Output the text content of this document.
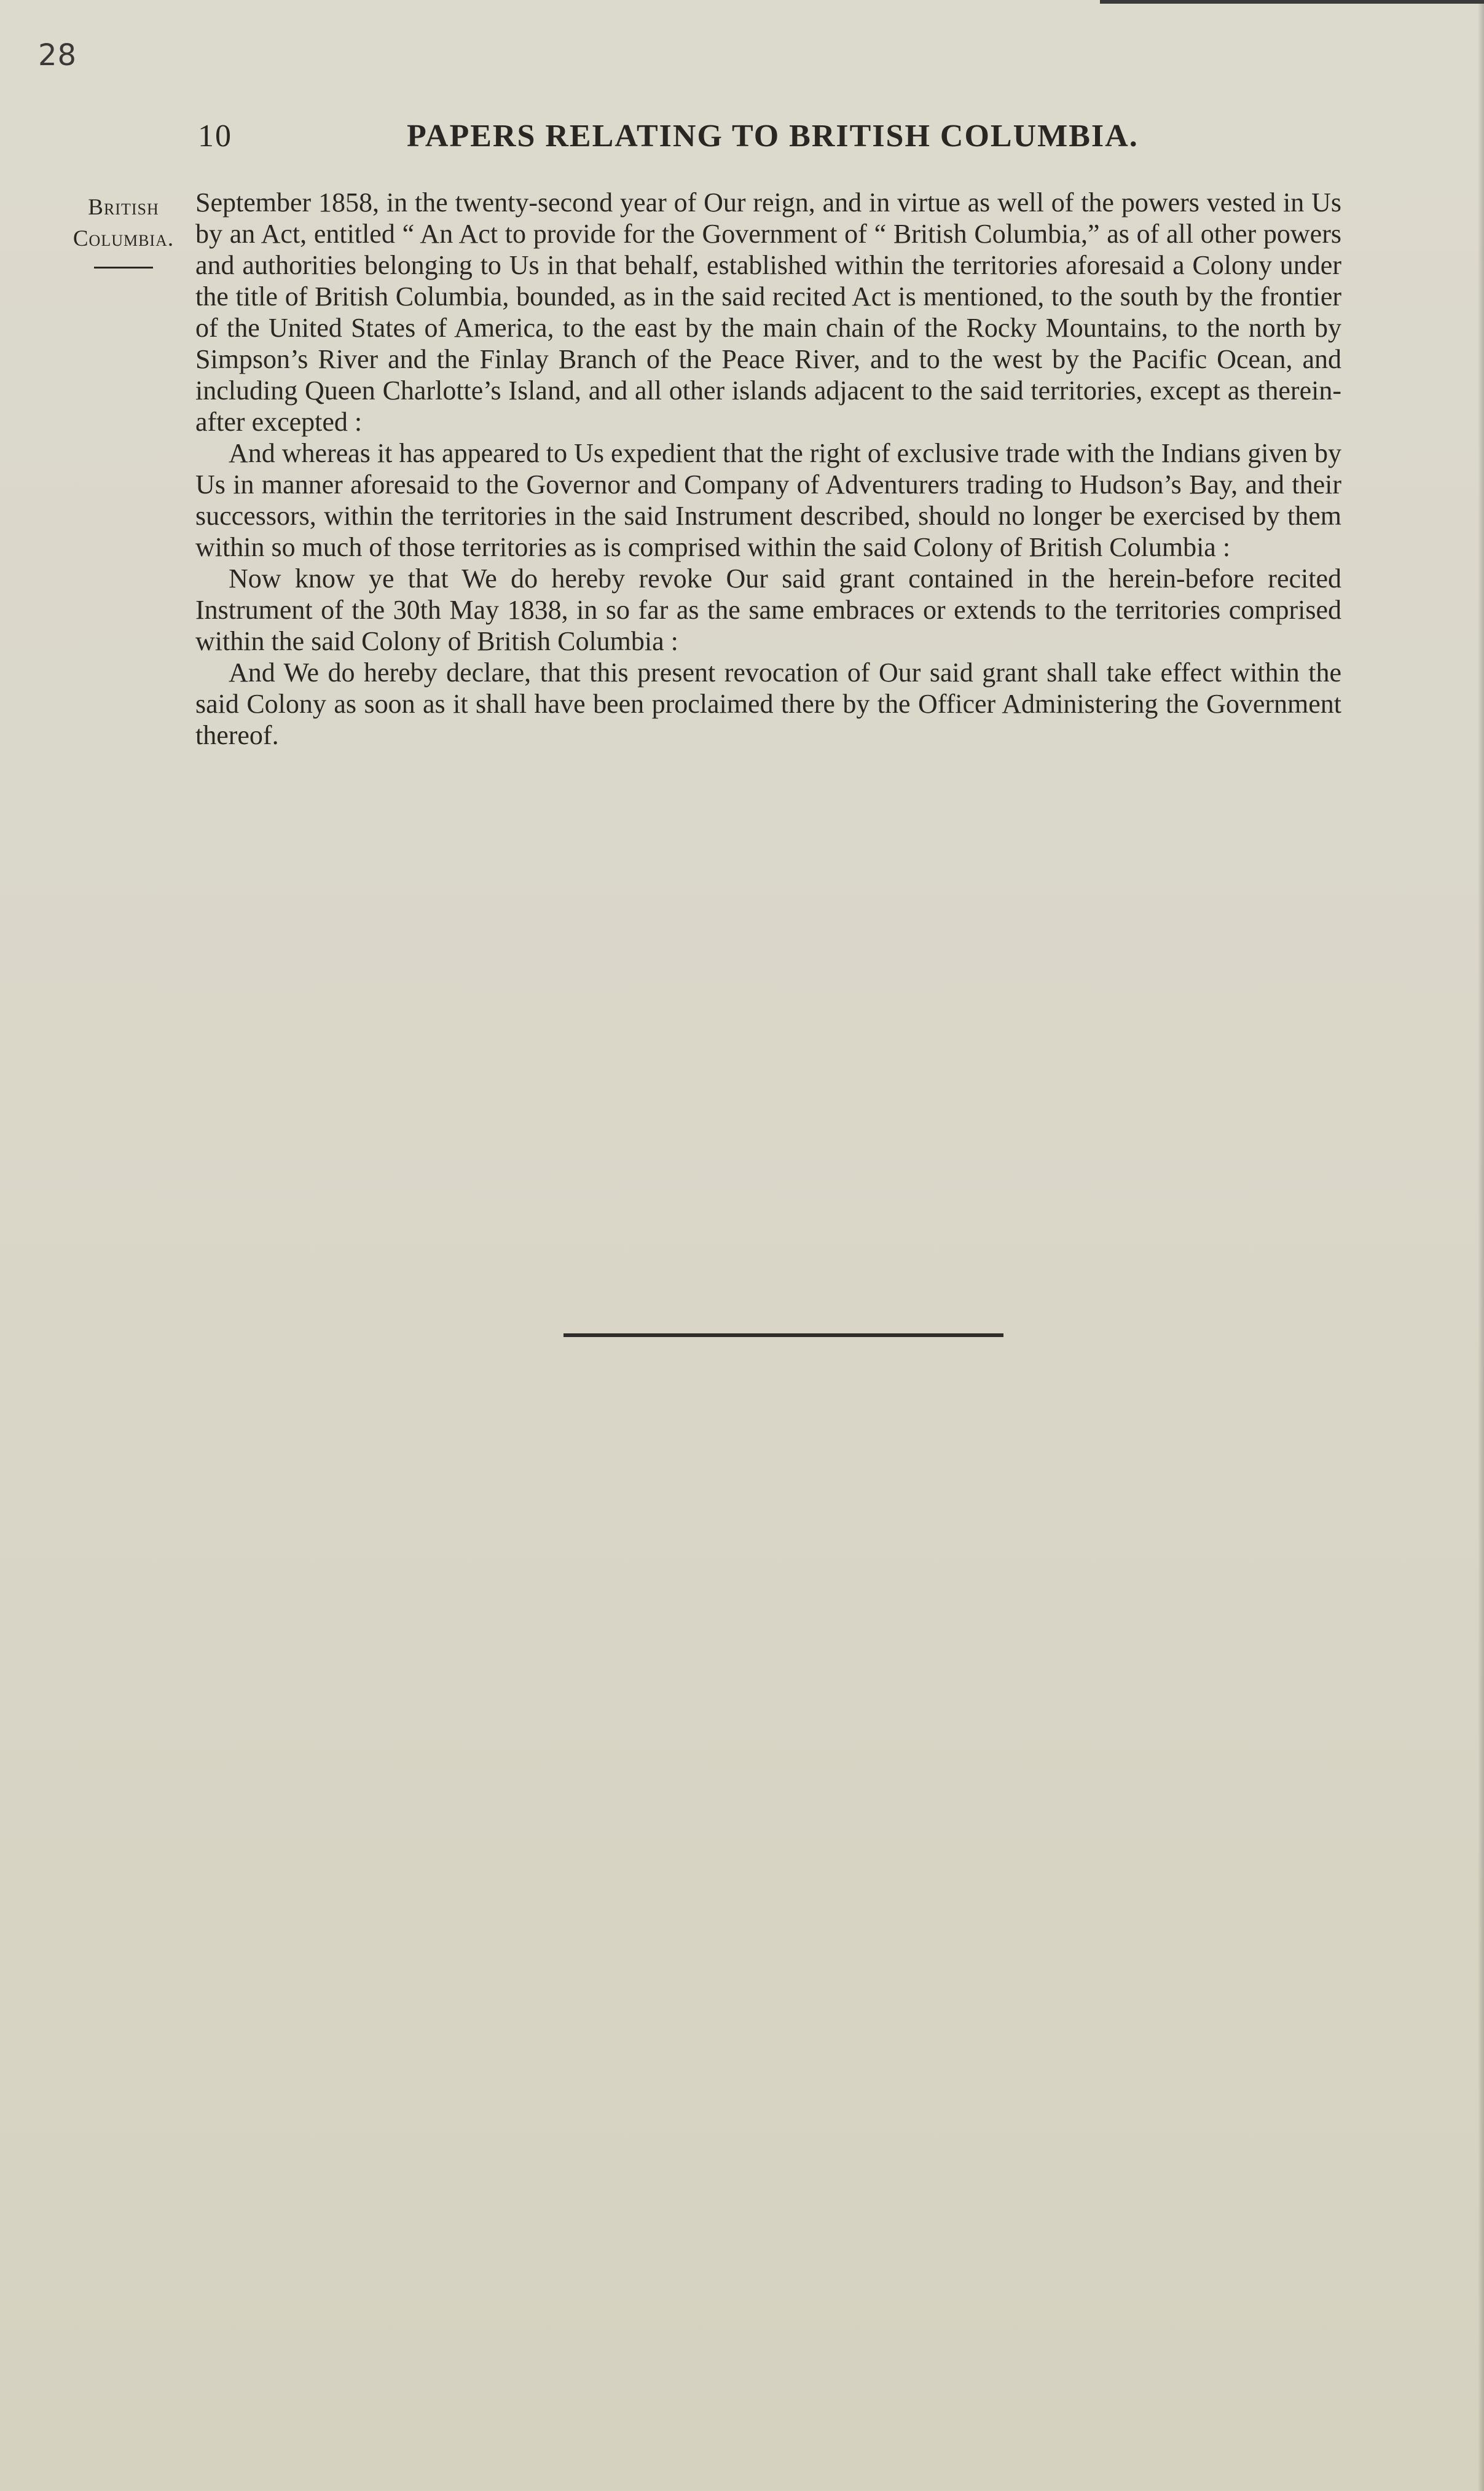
28
10	PAPERS RELATING TO BRITISH COLUMBIA.
British
Columbia.

September 1858, in the twenty-second year of Our reign, and in virtue as well of the powers vested in Us by an Act, entitled “ An Act to provide for the Government of “ British Columbia,” as of all other powers and authorities belonging to Us in that behalf, established within the territories aforesaid a Colony under the title of British Columbia, bounded, as in the said recited Act is mentioned, to the south by the frontier of the United States of America, to the east by the main chain of the Rocky Mountains, to the north by Simpson’s River and the Finlay Branch of the Peace River, and to the west by the Pacific Ocean, and including Queen Charlotte’s Island, and all other islands adjacent to the said territories, except as therein-after excepted :

And whereas it has appeared to Us expedient that the right of exclusive trade with the Indians given by Us in manner aforesaid to the Governor and Company of Adventurers trading to Hudson’s Bay, and their successors, within the territories in the said Instrument described, should no longer be exercised by them within so much of those territories as is comprised within the said Colony of British Columbia :

Now know ye that We do hereby revoke Our said grant contained in the herein-before recited Instrument of the 30th May 1838, in so far as the same embraces or extends to the territories comprised within the said Colony of British Columbia :

And We do hereby declare, that this present revocation of Our said grant shall take effect within the said Colony as soon as it shall have been proclaimed there by the Officer Administering the Government thereof.
